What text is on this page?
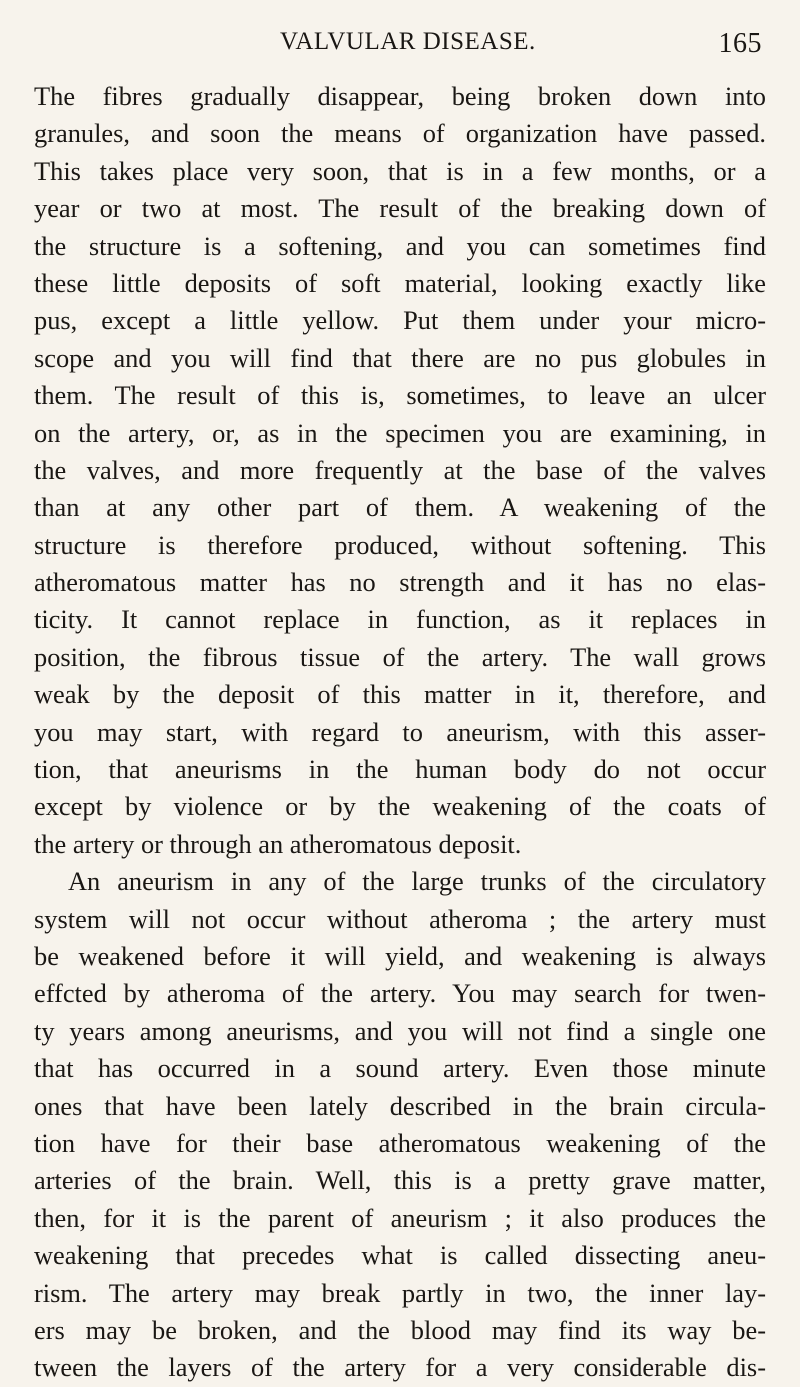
VALVULAR DISEASE.	165
The fibres gradually disappear, being broken down into
granules, and soon the means of organization have passed.
This takes place very soon, that is in a few months, or a
year or two at most. The result of the breaking down of
the structure is a softening, and you can sometimes find
these little deposits of soft material, looking exactly like
pus, except a little yellow. Put them under your micro-
scope and you will find that there are no pus globules in
them. The result of this is, sometimes, to leave an ulcer
on the artery, or, as in the specimen you are examining, in
the valves, and more frequently at the base of the valves
than at any other part of them. A weakening of the
structure is therefore produced, without softening. This
atheromatous matter has no strength and it has no elas-
ticity. It cannot replace in function, as it replaces in
position, the fibrous tissue of the artery. The wall grows
weak by the deposit of this matter in it, therefore, and
you may start, with regard to aneurism, with this asser-
tion, that aneurisms in the human body do not occur
except by violence or by the weakening of the coats of
the artery or through an atheromatous deposit.
An aneurism in any of the large trunks of the circulatory
system will not occur without atheroma ; the artery must
be weakened before it will yield, and weakening is always
effcted by atheroma of the artery. You may search for twen-
ty years among aneurisms, and you will not find a single one
that has occurred in a sound artery. Even those minute
ones that have been lately described in the brain circula-
tion have for their base atheromatous weakening of the
arteries of the brain. Well, this is a pretty grave matter,
then, for it is the parent of aneurism ; it also produces the
weakening that precedes what is called dissecting aneu-
rism. The artery may break partly in two, the inner lay-
ers may be broken, and the blood may find its way be-
tween the layers of the artery for a very considerable dis-
